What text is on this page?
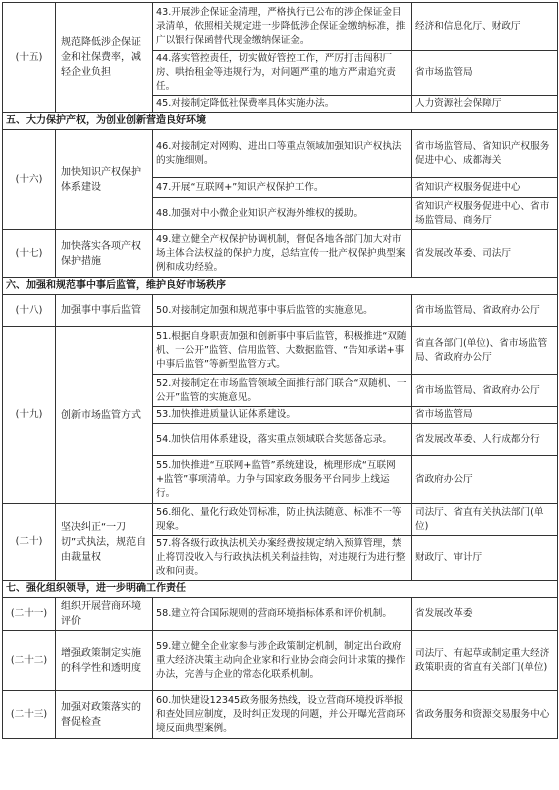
(十五)	规范降低涉企保证金和社保费率，减轻企业负担	43.开展涉企保证金清理，严格执行已公布的涉企保证金目录清单，依照相关规定进一步降低涉企保证金缴纳标准，推广以银行保函替代现金缴纳保证金。	经济和信息化厅、财政厅
		44.落实管控责任，切实做好管控工作，严厉打击闯积厂房、哄抬租金等违规行为，对问题严重的地方严肃追究责任。	省市场监管局
		45.对接制定降低社保费率具体实施办法。	人力资源社会保障厅
五、大力保护产权，为创业创新营造良好环境			
(十六)	加快知识产权保护体系建设	46.对接制定对网购、进出口等重点领域加强知识产权执法的实施细则。	省市场监管局、省知识产权服务促进中心、成都海关
		47.开展“互联网+”知识产权保护工作。	省知识产权服务促进中心
		48.加强对中小微企业知识产权海外维权的援助。	省知识产权服务促进中心、省市场监管局、商务厅
(十七)	加快落实各项产权保护措施	49.建立健全产权保护协调机制，督促各地各部门加大对市场主体合法权益的保护力度，总结宣传一批产权保护典型案例和成功经验。	省发展改革委、司法厅
六、加强和规范事中事后监管，维护良好市场秩序			
(十八)	加强事中事后监管	50.对接制定加强和规范事中事后监管的实施意见。	省市场监管局、省政府办公厅
(十九)	创新市场监管方式	51.根据自身职责加强和创新事中事后监管，积极推进“双随机、一公开”监管、信用监管、大数据监管、“告知承诺+事中事后监管”等新型监管方式。	省直各部门(单位)、省市场监管局、省政府办公厅
		52.对接制定在市场监管领域全面推行部门联合“双随机、一公开”监管的实施意见。	省市场监管局、省政府办公厅
		53.加快推进质量认证体系建设。	省市场监管局
		54.加快信用体系建设，落实重点领域联合奖惩备忘录。	省发展改革委、人行成都分行
		55.加快推进“互联网+监管”系统建设，梳理形成“互联网+监管”事项清单。力争与国家政务服务平台同步上线运行。	省政府办公厅
(二十)	坚决纠正“一刀切”式执法，规范自由裁量权	56.细化、量化行政处罚标准，防止执法随意、标准不一等现象。	司法厅、省直有关执法部门(单位)
		57.将各级行政执法机关办案经费按规定纳入预算管理，禁止将罚没收入与行政执法机关利益挂钩，对违规行为进行整改和问责。	财政厅、审计厅
七、强化组织领导，进一步明确工作责任			
(二十一)	组织开展营商环境评价	58.建立符合国际规则的营商环境指标体系和评价机制。	省发展改革委
(二十二)	增强政策制定实施的科学性和透明度	59.建立健全企业家参与涉企政策制定机制，制定出台政府重大经济决策主动向企业家和行业协会商会问计求策的操作办法，完善与企业的常态化联系机制。	司法厅、有起草或制定重大经济政策职责的省直有关部门(单位)
(二十三)	加强对政策落实的督促检查	60.加快建设12345政务服务热线，设立营商环境投诉举报和查处回应制度，及时纠正发现的问题，并公开曝光营商环境反面典型案例。	省政务服务和资源交易服务中心
